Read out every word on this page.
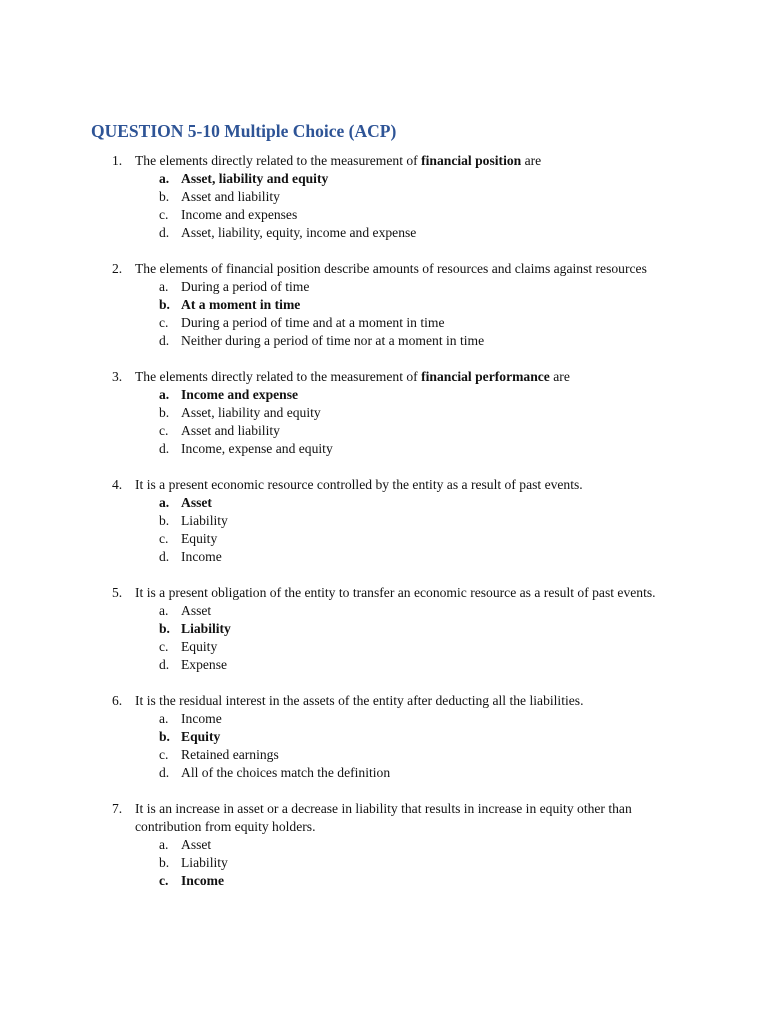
QUESTION 5-10 Multiple Choice (ACP)
1. The elements directly related to the measurement of financial position are
a. Asset, liability and equity
b. Asset and liability
c. Income and expenses
d. Asset, liability, equity, income and expense
2. The elements of financial position describe amounts of resources and claims against resources
a. During a period of time
b. At a moment in time
c. During a period of time and at a moment in time
d. Neither during a period of time nor at a moment in time
3. The elements directly related to the measurement of financial performance are
a. Income and expense
b. Asset, liability and equity
c. Asset and liability
d. Income, expense and equity
4. It is a present economic resource controlled by the entity as a result of past events.
a. Asset
b. Liability
c. Equity
d. Income
5. It is a present obligation of the entity to transfer an economic resource as a result of past events.
a. Asset
b. Liability
c. Equity
d. Expense
6. It is the residual interest in the assets of the entity after deducting all the liabilities.
a. Income
b. Equity
c. Retained earnings
d. All of the choices match the definition
7. It is an increase in asset or a decrease in liability that results in increase in equity other than contribution from equity holders.
a. Asset
b. Liability
c. Income
